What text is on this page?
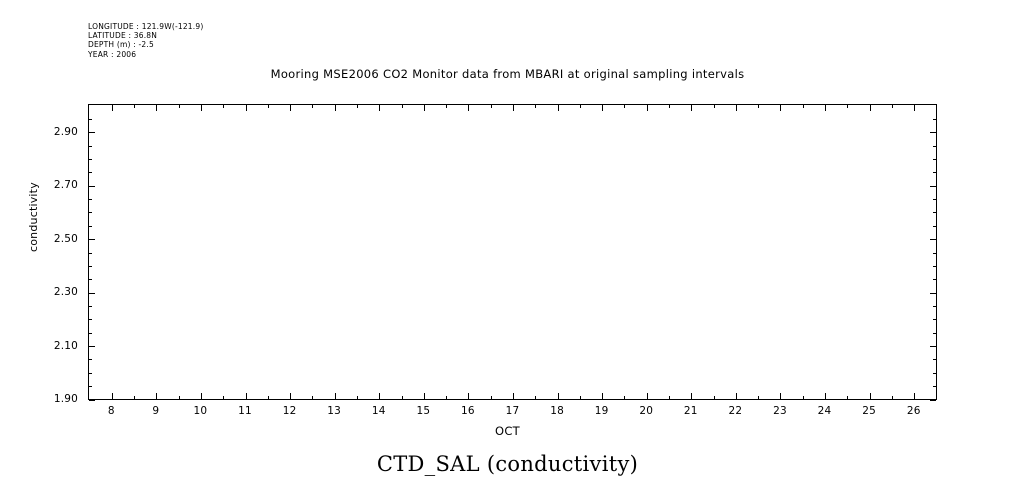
LONGITUDE : 121.9W(-121.9)
LATITUDE : 36.8N
DEPTH (m) : -2.5
YEAR : 2006
Mooring MSE2006 CO2 Monitor data from MBARI at original sampling intervals
conductivity
OCT
CTD_SAL (conductivity)
1.90
2.10
2.30
2.50
2.70
2.90
8	9	10	11	12	13	14	15	16	17	18	19	20	21	22	23	24	25	26
